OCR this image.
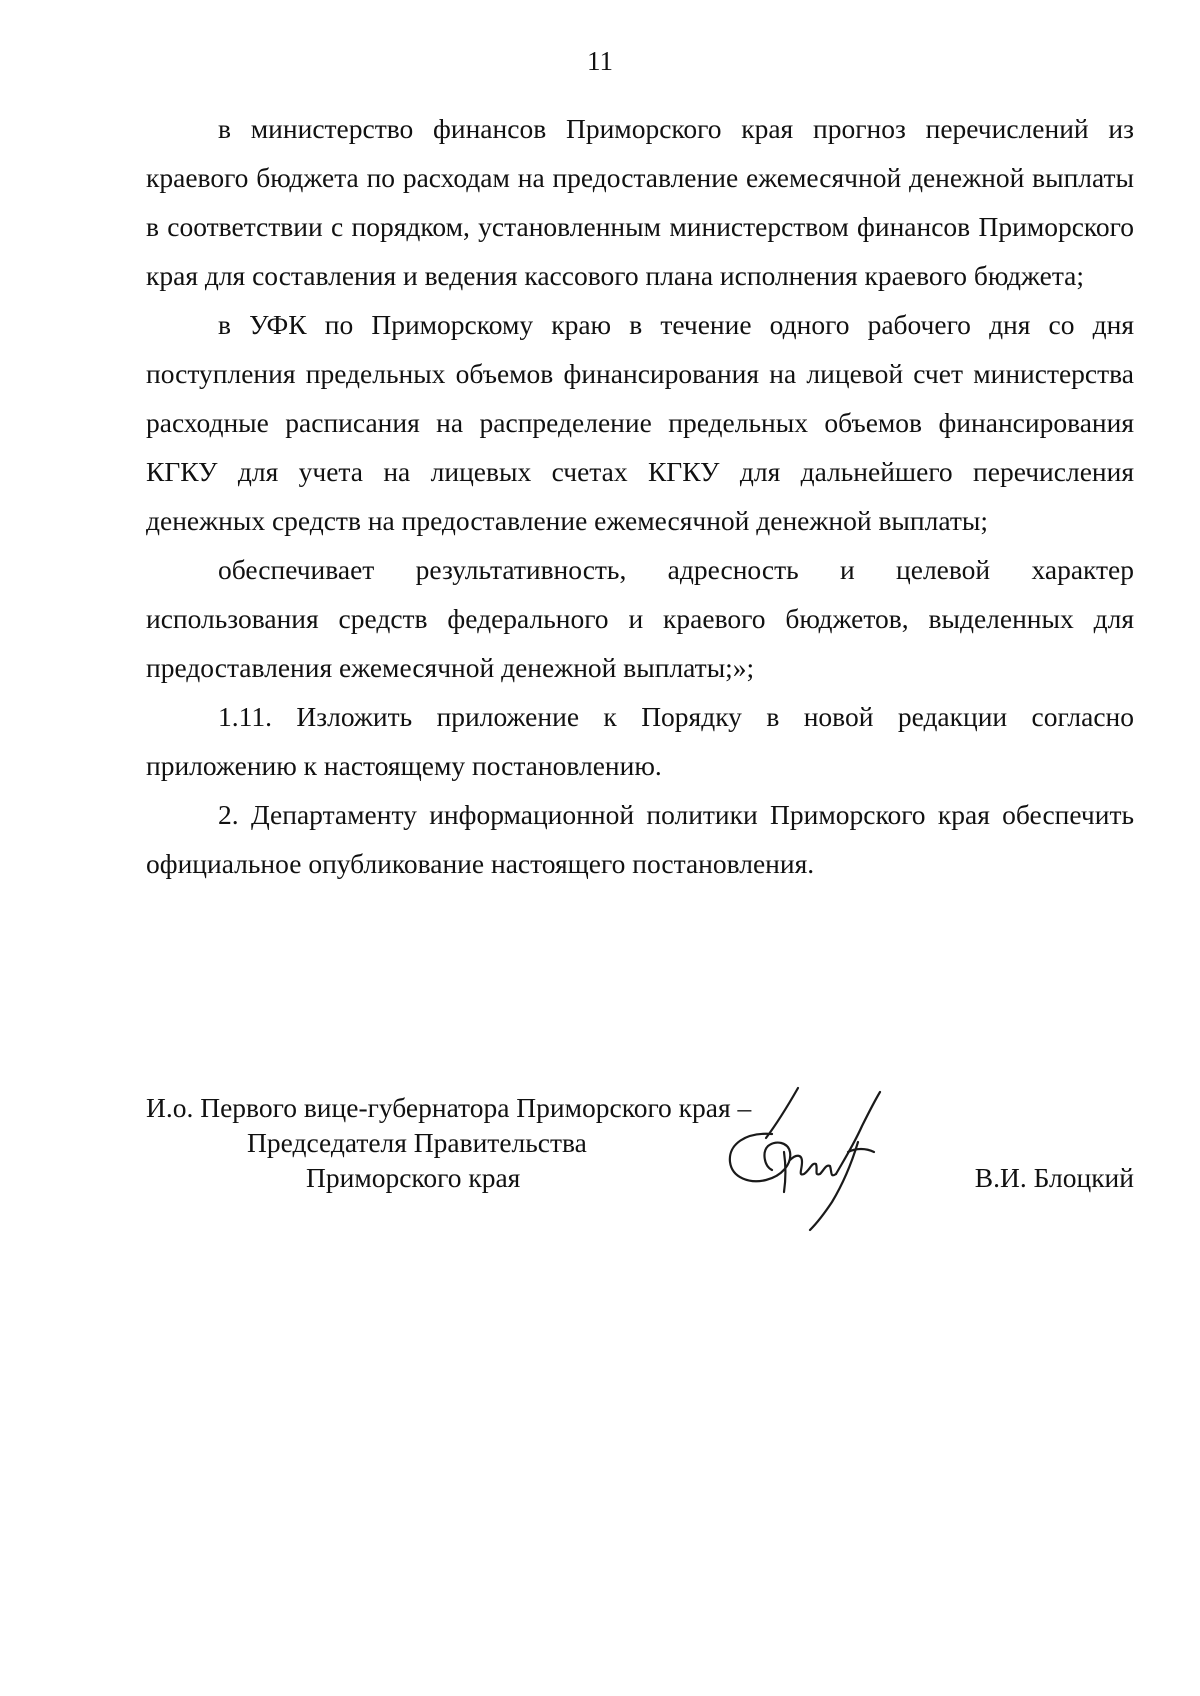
11

в министерство финансов Приморского края прогноз перечислений из краевого бюджета по расходам на предоставление ежемесячной денежной выплаты в соответствии с порядком, установленным министерством финансов Приморского края для составления и ведения кассового плана исполнения краевого бюджета;

в УФК по Приморскому краю в течение одного рабочего дня со дня поступления предельных объемов финансирования на лицевой счет министерства расходные расписания на распределение предельных объемов финансирования КГКУ для учета на лицевых счетах КГКУ для дальнейшего перечисления денежных средств на предоставление ежемесячной денежной выплаты;

обеспечивает результативность, адресность и целевой характер использования средств федерального и краевого бюджетов, выделенных для предоставления ежемесячной денежной выплаты;»;

1.11. Изложить приложение к Порядку в новой редакции согласно приложению к настоящему постановлению.

2. Департаменту информационной политики Приморского края обеспечить официальное опубликование настоящего постановления.

И.о. Первого вице-губернатора Приморского края –
Председателя Правительства
Приморского края	В.И. Блоцкий
